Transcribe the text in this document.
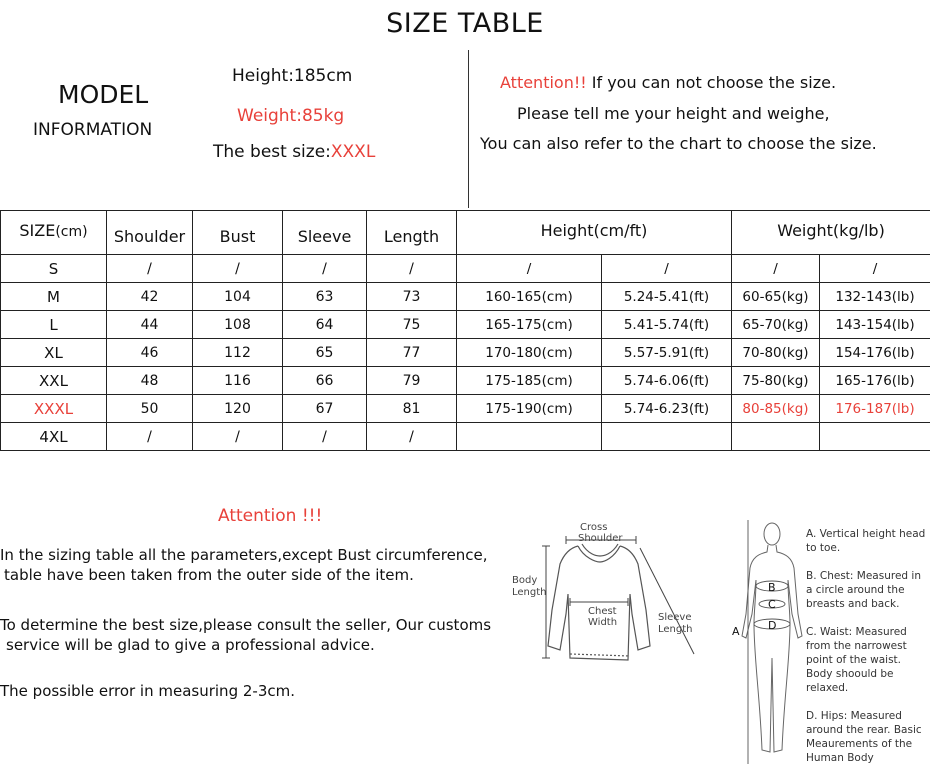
SIZE TABLE
MODEL
INFORMATION
Height:185cm
Weight:85kg
The best size:XXXL
Attention!! If you can not choose the size.
Please tell me your height and weighe,
You can also refer to the chart to choose the size.
SIZE(cm)	Shoulder	Bust	Sleeve	Length	Height(cm/ft)		Weight(kg/lb)	
S	/	/	/	/	/	/	/	/
M	42	104	63	73	160-165(cm)	5.24-5.41(ft)	60-65(kg)	132-143(lb)
L	44	108	64	75	165-175(cm)	5.41-5.74(ft)	65-70(kg)	143-154(lb)
XL	46	112	65	77	170-180(cm)	5.57-5.91(ft)	70-80(kg)	154-176(lb)
XXL	48	116	66	79	175-185(cm)	5.74-6.06(ft)	75-80(kg)	165-176(lb)
XXXL	50	120	67	81	175-190(cm)	5.74-6.23(ft)	80-85(kg)	176-187(lb)
4XL	/	/	/	/				
Attention !!!
In the sizing table all the parameters,except Bust circumference,
table have been taken from the outer side of the item.
To determine the best size,please consult the seller, Our customs
service will be glad to give a professional advice.
The possible error in measuring 2-3cm.
Cross
Shoulder
Body
Length
Chest
Width	Sleeve
Length	A
B
C
D
A. Vertical height head to toe.
B. Chest: Measured in a circle around the breasts and back.
C. Waist: Measured from the narrowest point of the waist. Body shoould be relaxed.
D. Hips: Measured around the rear. Basic Meaurements of the Human Body
